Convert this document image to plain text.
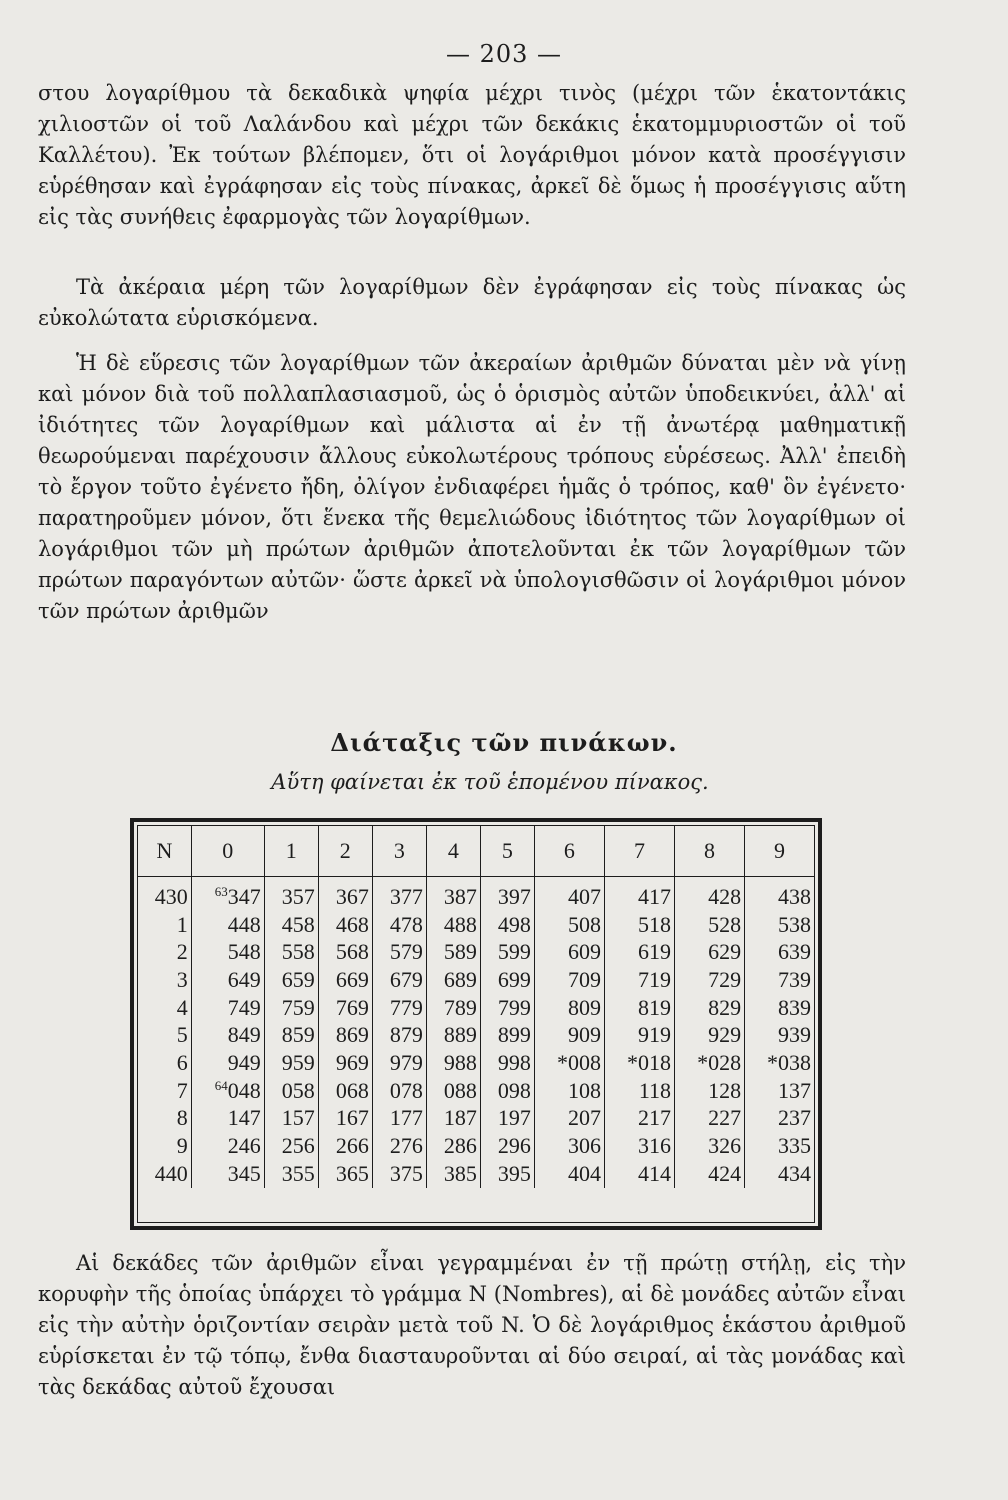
— 203 —

στου λογαρίθμου τὰ δεκαδικὰ ψηφία μέχρι τινὸς (μέχρι τῶν ἑκατοντάκις χιλιοστῶν οἱ τοῦ Λαλάνδου καὶ μέχρι τῶν δεκάκις ἑκατομμυριοστῶν οἱ τοῦ Καλλέτου). Ἐκ τούτων βλέπομεν, ὅτι οἱ λογάριθμοι μόνον κατὰ προσέγγισιν εὑρέθησαν καὶ ἐγράφησαν εἰς τοὺς πίνακας, ἀρκεῖ δὲ ὅμως ἡ προσέγγισις αὕτη εἰς τὰς συνήθεις ἐφαρμογὰς τῶν λογαρίθμων.

Τὰ ἀκέραια μέρη τῶν λογαρίθμων δὲν ἐγράφησαν εἰς τοὺς πίνακας ὡς εὐκολώτατα εὑρισκόμενα.

Ἡ δὲ εὕρεσις τῶν λογαρίθμων τῶν ἀκεραίων ἀριθμῶν δύναται μὲν νὰ γίνῃ καὶ μόνον διὰ τοῦ πολλαπλασιασμοῦ, ὡς ὁ ὁρισμὸς αὐτῶν ὑποδεικνύει, ἀλλ' αἱ ἰδιότητες τῶν λογαρίθμων καὶ μάλιστα αἱ ἐν τῇ ἀνωτέρᾳ μαθηματικῇ θεωρούμεναι παρέχουσιν ἄλλους εὐκολωτέρους τρόπους εὑρέσεως. Ἀλλ' ἐπειδὴ τὸ ἔργον τοῦτο ἐγένετο ἤδη, ὀλίγον ἐνδιαφέρει ἡμᾶς ὁ τρόπος, καθ' ὃν ἐγένετο· παρατηροῦμεν μόνον, ὅτι ἕνεκα τῆς θεμελιώδους ἰδιότητος τῶν λογαρίθμων οἱ λογάριθμοι τῶν μὴ πρώτων ἀριθμῶν ἀποτελοῦνται ἐκ τῶν λογαρίθμων τῶν πρώτων παραγόντων αὐτῶν· ὥστε ἀρκεῖ νὰ ὑπολογισθῶσιν οἱ λογάριθμοι μόνον τῶν πρώτων ἀριθμῶν

Διάταξις τῶν πινάκων.
Αὕτη φαίνεται ἐκ τοῦ ἑπομένου πίνακος.
N	0	1	2	3	4	5	6	7	8	9
430	$^{63}$347	357	367	377	387	397	407	417	428	438
1	448	458	468	478	488	498	508	518	528	538
2	548	558	568	579	589	599	609	619	629	639
3	649	659	669	679	689	699	709	719	729	739
4	749	759	769	779	789	799	809	819	829	839
5	849	859	869	879	889	899	909	919	929	939
6	949	959	969	979	988	998	*008	*018	*028	*038
7	$^{64}$048	058	068	078	088	098	108	118	128	137
8	147	157	167	177	187	197	207	217	227	237
9	246	256	266	276	286	296	306	316	326	335
440	345	355	365	375	385	395	404	414	424	434

Αἱ δεκάδες τῶν ἀριθμῶν εἶναι γεγραμμέναι ἐν τῇ πρώτῃ στήλῃ, εἰς τὴν κορυφὴν τῆς ὁποίας ὑπάρχει τὸ γράμμα N (Nombres), αἱ δὲ μονάδες αὐτῶν εἶναι εἰς τὴν αὐτὴν ὁριζοντίαν σειρὰν μετὰ τοῦ N. Ὁ δὲ λογάριθμος ἑκάστου ἀριθμοῦ εὑρίσκεται ἐν τῷ τόπῳ, ἔνθα διασταυροῦνται αἱ δύο σειραί, αἱ τὰς μονάδας καὶ τὰς δεκάδας αὐτοῦ ἔχουσαι
